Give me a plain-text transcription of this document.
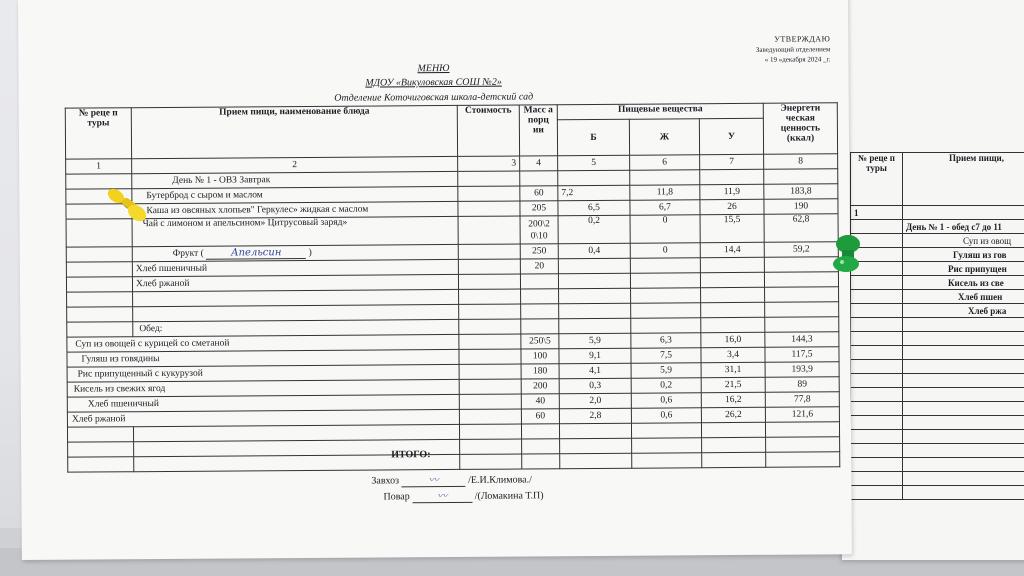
№ реце п туры	Прием пищи,
1	
	День № 1 - обед с7 до 11
	Суп из овощ
	Гуляш из гов
	Рис припущен
	Кисель из све
	Хлеб пшен
	Хлеб ржа

УТВЕРЖДАЮ
Заведующий отделением
« 19 »декабря 2024 _г.
МЕНЮ
МДОУ «Викуловская СОШ №2»
Отделение Коточиговская школа-детский сад
№ реце п туры	Прием пищи, наименование блюда	Стоимость	Масс а порц ии	Пищевые вещества			Энергети ческая ценность (ккал)
				Б	Ж	У	
1	2	3	4	5	6	7	8
	День № 1 - ОВЗ Завтрак						
	Бутерброд с сыром и маслом		60	7,2	11,8	11,9	183,8
	Каша из овсяных хлопьев" Геркулес» жидкая с маслом		205	6,5	6,7	26	190
	Чай с лимоном и апельсином» Цитрусовый заряд»		200\2 0\10	0,2	0	15,5	62,8
	Фрукт ( Апельсин )		250	0,4	0	14,4	59,2
	Хлеб пшеничный		20				
	Хлеб ржаной						

	Обед:						
Суп из овощей с курицей со сметаной			250\5	5,9	6,3	16,0	144,3
Гуляш из говядины			100	9,1	7,5	3,4	117,5
Рис припущенный с кукурузой			180	4,1	5,9	31,1	193,9
Кисель из свежих ягод			200	0,3	0,2	21,5	89
Хлеб пшеничный			40	2,0	0,6	16,2	77,8
Хлеб ржаной			60	2,8	0,6	26,2	121,6

ИТОГО:
Завхоз	〰	/Е.И.Климова./
Повар	〰	/(Ломакина Т.П)
